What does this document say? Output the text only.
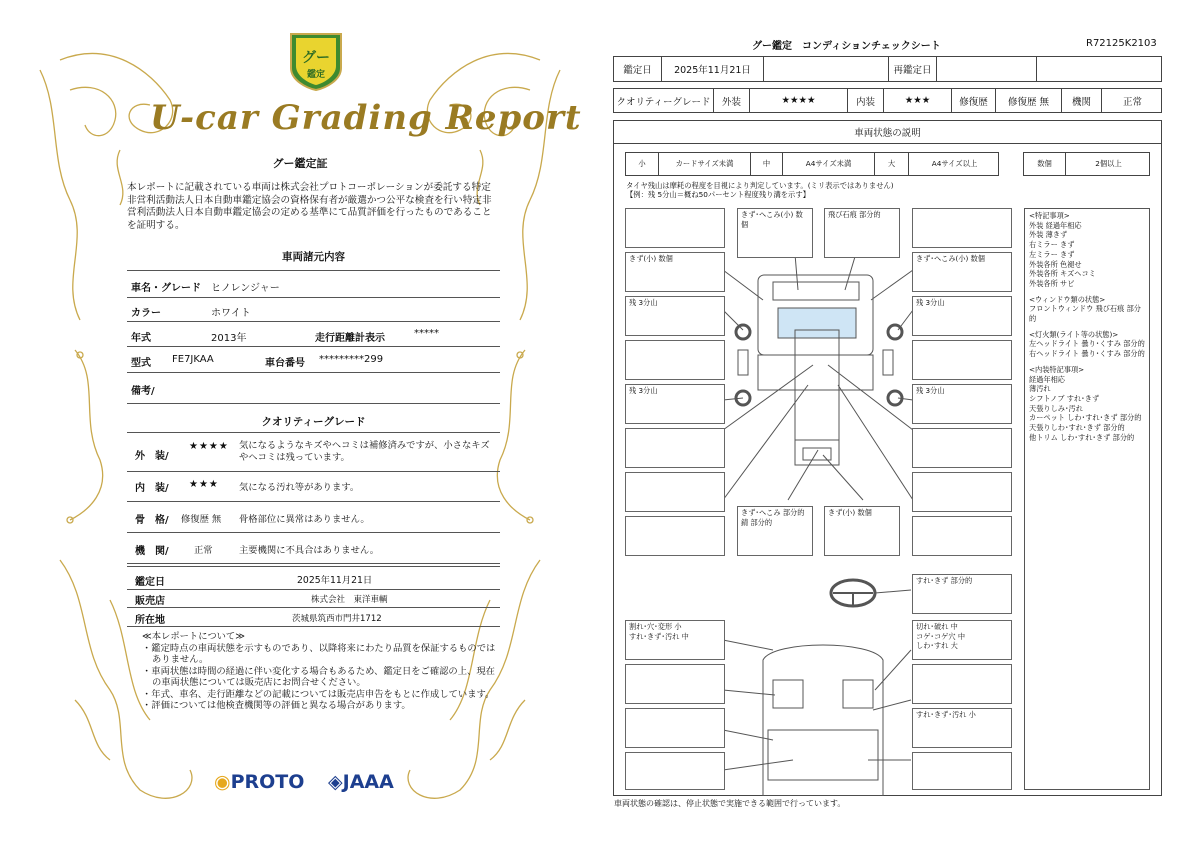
グー
鑑定
U-car Grading Report
グー鑑定証
本レポートに記載されている車両は株式会社プロトコーポレーションが委託する特定非営利活動法人日本自動車鑑定協会の資格保有者が厳選かつ公平な検査を行い特定非営利活動法人日本自動車鑑定協会の定める基準にて品質評価を行ったものであることを証明する。
車両諸元内容
車名・グレード ヒノレンジャー
カラー	ホワイト
年式	2013年	走行距離計表示	*****
型式 FE7JKAA	車台番号 *********299
備考/
クオリティーグレード
外　装/
★★★★ 気になるようなキズやヘコミは補修済みですが、小さなキズやヘコミは残っています。
内　装/ ★★★ 気になる汚れ等があります。
骨　格/ 修復歴 無 骨格部位に異常はありません。
機　関/	正常	主要機関に不具合はありません。
鑑定日	2025年11月21日
販売店	株式会社　東洋車輌
所在地	茨城県筑西市門井1712
≪本レポートについて≫
・鑑定時点の車両状態を示すものであり、以降将来にわたり品質を保証するものではありません。
・車両状態は時間の経過に伴い変化する場合もあるため、鑑定日をご確認の上、現在の車両状態については販売店にお問合せください。
・年式、車名、走行距離などの記載については販売店申告をもとに作成しています。
・評価については他検査機関等の評価と異なる場合があります。
◉PROTO ◈JAAA
グー鑑定　コンディションチェックシート	R72125K2103
鑑定日	2025年11月21日	再鑑定日
クオリティーグレード	外装	★★★★	内装	★★★	修復歴	修復歴 無	機関	正常
車両状態の説明
小	カードサイズ未満	中	A4サイズ未満	大	A4サイズ以上	数個	2個以上
タイヤ残山は摩耗の程度を目視により判定しています。(ミリ表示ではありません)
【例：残 5分山＝概ね50パーセント程度残り溝を示す】
きず･へこみ(小) 数個
飛び石痕 部分的
きず(小) 数個	きず･へこみ(小) 数個
残 3分山	残 3分山
残 3分山	残 3分山
きず･へこみ 部分的
錆 部分的
きず(小) 数個
すれ･きず 部分的
割れ･穴･変形 小
すれ･きず･汚れ 中
切れ･破れ 中
コゲ･コゲ穴 中
しわ･すれ 大
すれ･きず･汚れ 小

<特記事項>
外装 経過年相応
外装 薄きず
右ミラー きず
左ミラー きず
外装各所 色褪せ
外装各所 キズヘコミ
外装各所 サビ

<ウィンドウ類の状態>
フロントウィンドウ 飛び石痕 部分的

<灯火類(ライト等の状態)>
左ヘッドライト 曇り･くすみ 部分的
右ヘッドライト 曇り･くすみ 部分的

<内装特記事項>
経過年相応
薄汚れ
シフトノブ すれ･きず
天張りしみ･汚れ
カーペット しわ･すれ･きず 部分的
天張りしわ･すれ･きず 部分的
他トリム しわ･すれ･きず 部分的

車両状態の確認は、停止状態で実施できる範囲で行っています。
